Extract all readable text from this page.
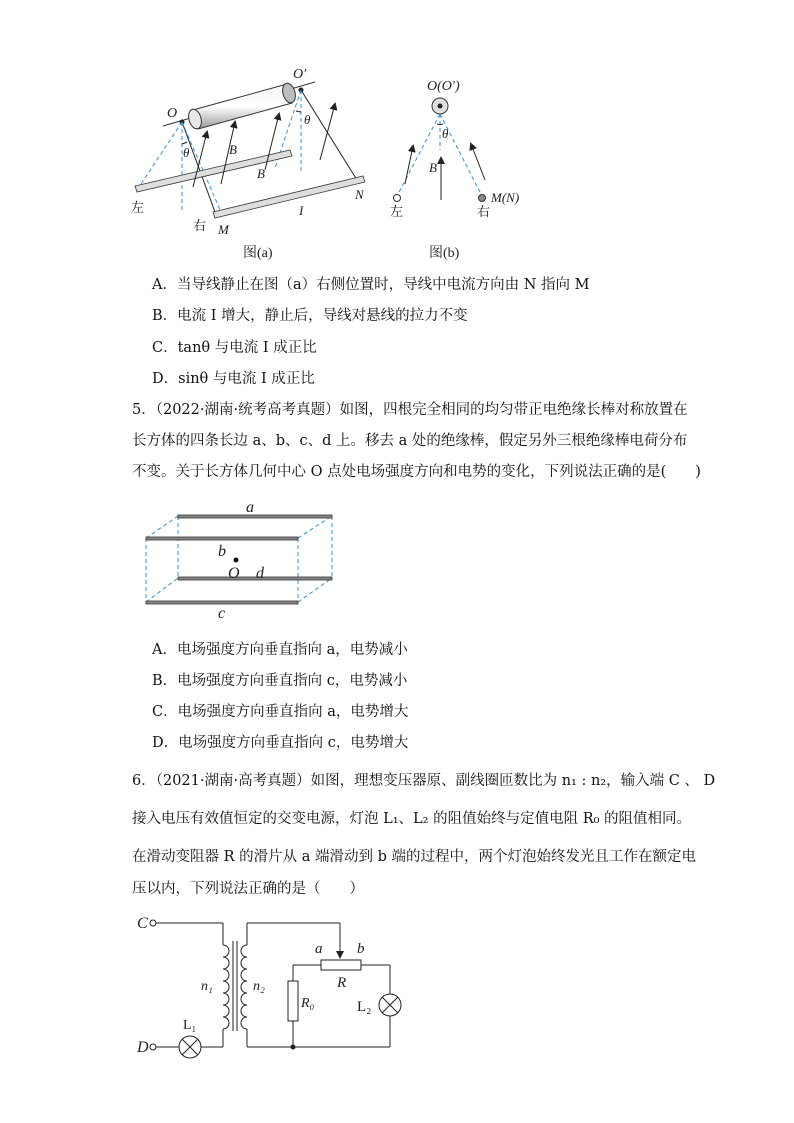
O
O′
θ
θ
B
B
I
M
N
左
右
图(a)
O(O′)
θ
B
M(N)
左	右
图(b)
A．当导线静止在图（a）右侧位置时，导线中电流方向由 N 指向 M
B．电流 I 增大，静止后，导线对悬线的拉力不变
C．tanθ 与电流 I 成正比
D．sinθ 与电流 I 成正比
5．（2022·湖南·统考高考真题）如图，四根完全相同的均匀带正电绝缘长棒对称放置在
长方体的四条长边 a、b、c、d 上。移去 a 处的绝缘棒，假定另外三根绝缘棒电荷分布
不变。关于长方体几何中心 O 点处电场强度方向和电势的变化，下列说法正确的是(　　)
a
b
O d
c
A．电场强度方向垂直指向 a，电势减小
B．电场强度方向垂直指向 c，电势减小
C．电场强度方向垂直指向 a，电势增大
D．电场强度方向垂直指向 c，电势增大
6．（2021·湖南·高考真题）如图，理想变压器原、副线圈匝数比为 n₁ : n₂，输入端 C 、 D
接入电压有效值恒定的交变电源，灯泡 L₁、L₂ 的阻值始终与定值电阻 R₀ 的阻值相同。
在滑动变阻器 R 的滑片从 a 端滑动到 b 端的过程中，两个灯泡始终发光且工作在额定电
压以内，下列说法正确的是（　　）
C
D
n₁	n₂
L₁
a b
R
R₀	L₂
